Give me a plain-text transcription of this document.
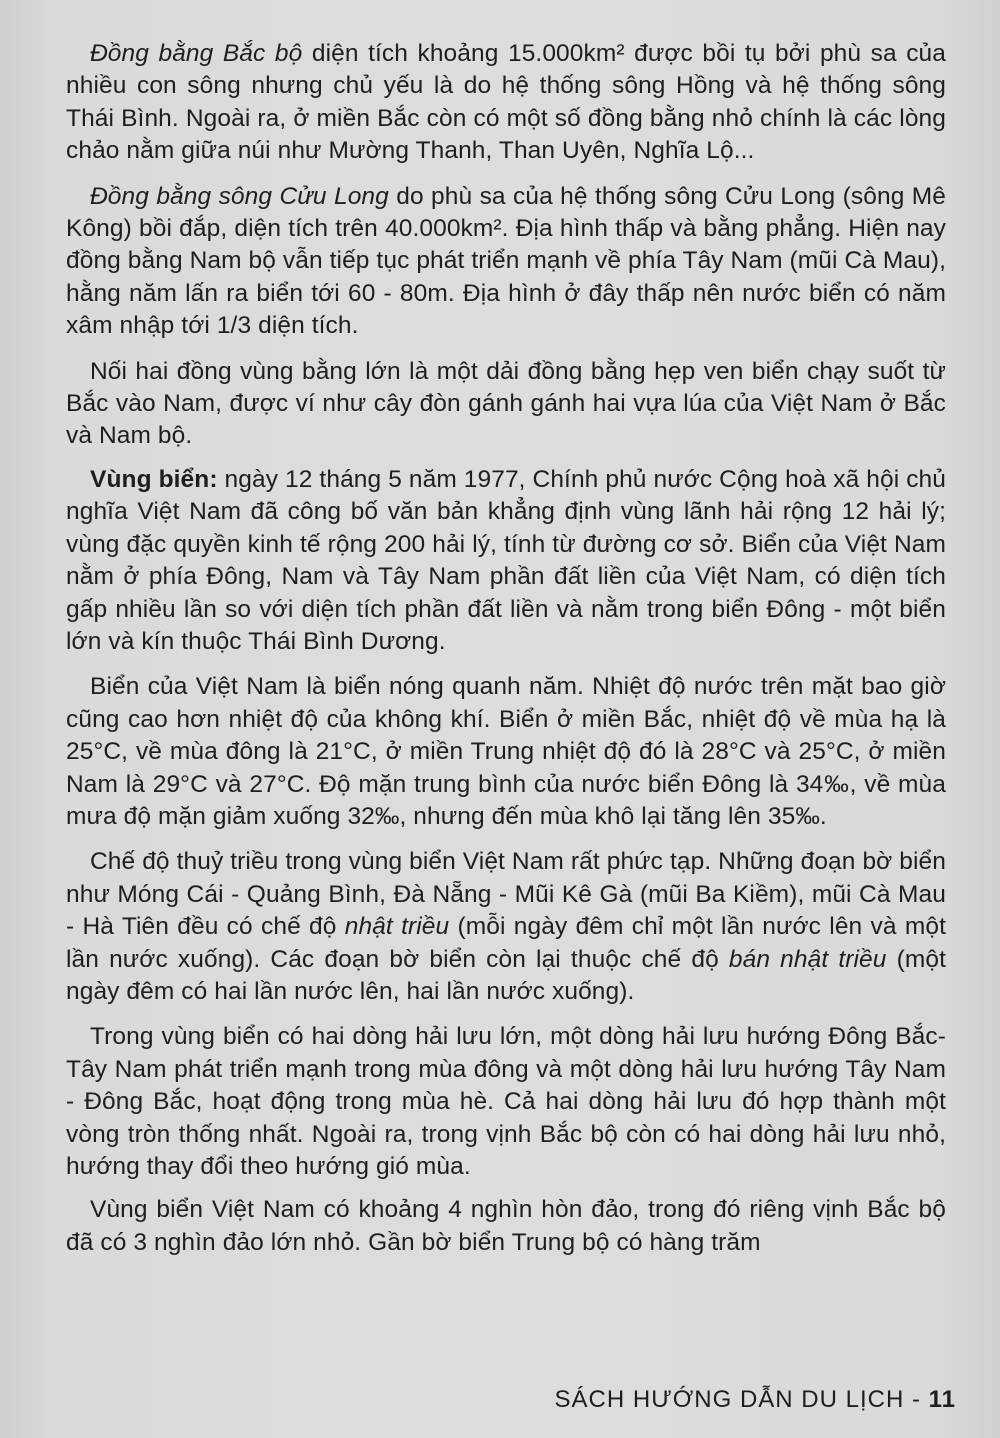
Đồng bằng Bắc bộ diện tích khoảng 15.000km² được bồi tụ bởi phù sa của nhiều con sông nhưng chủ yếu là do hệ thống sông Hồng và hệ thống sông Thái Bình. Ngoài ra, ở miền Bắc còn có một số đồng bằng nhỏ chính là các lòng chảo nằm giữa núi như Mường Thanh, Than Uyên, Nghĩa Lộ...

Đồng bằng sông Cửu Long do phù sa của hệ thống sông Cửu Long (sông Mê Kông) bồi đắp, diện tích trên 40.000km². Địa hình thấp và bằng phẳng. Hiện nay đồng bằng Nam bộ vẫn tiếp tục phát triển mạnh về phía Tây Nam (mũi Cà Mau), hằng năm lấn ra biển tới 60 - 80m. Địa hình ở đây thấp nên nước biển có năm xâm nhập tới 1/3 diện tích.

Nối hai đồng vùng bằng lớn là một dải đồng bằng hẹp ven biển chạy suốt từ Bắc vào Nam, được ví như cây đòn gánh gánh hai vựa lúa của Việt Nam ở Bắc và Nam bộ.

Vùng biển: ngày 12 tháng 5 năm 1977, Chính phủ nước Cộng hoà xã hội chủ nghĩa Việt Nam đã công bố văn bản khẳng định vùng lãnh hải rộng 12 hải lý; vùng đặc quyền kinh tế rộng 200 hải lý, tính từ đường cơ sở. Biển của Việt Nam nằm ở phía Đông, Nam và Tây Nam phần đất liền của Việt Nam, có diện tích gấp nhiều lần so với diện tích phần đất liền và nằm trong biển Đông - một biển lớn và kín thuộc Thái Bình Dương.

Biển của Việt Nam là biển nóng quanh năm. Nhiệt độ nước trên mặt bao giờ cũng cao hơn nhiệt độ của không khí. Biển ở miền Bắc, nhiệt độ về mùa hạ là 25°C, về mùa đông là 21°C, ở miền Trung nhiệt độ đó là 28°C và 25°C, ở miền Nam là 29°C và 27°C. Độ mặn trung bình của nước biển Đông là 34‰, về mùa mưa độ mặn giảm xuống 32‰, nhưng đến mùa khô lại tăng lên 35‰.

Chế độ thuỷ triều trong vùng biển Việt Nam rất phức tạp. Những đoạn bờ biển như Móng Cái - Quảng Bình, Đà Nẵng - Mũi Kê Gà (mũi Ba Kiềm), mũi Cà Mau - Hà Tiên đều có chế độ nhật triều (mỗi ngày đêm chỉ một lần nước lên và một lần nước xuống). Các đoạn bờ biển còn lại thuộc chế độ bán nhật triều (một ngày đêm có hai lần nước lên, hai lần nước xuống).

Trong vùng biển có hai dòng hải lưu lớn, một dòng hải lưu hướng Đông Bắc-Tây Nam phát triển mạnh trong mùa đông và một dòng hải lưu hướng Tây Nam - Đông Bắc, hoạt động trong mùa hè. Cả hai dòng hải lưu đó hợp thành một vòng tròn thống nhất. Ngoài ra, trong vịnh Bắc bộ còn có hai dòng hải lưu nhỏ, hướng thay đổi theo hướng gió mùa.

Vùng biển Việt Nam có khoảng 4 nghìn hòn đảo, trong đó riêng vịnh Bắc bộ đã có 3 nghìn đảo lớn nhỏ. Gần bờ biển Trung bộ có hàng trăm

SÁCH HƯỚNG DẪN DU LỊCH - 11
